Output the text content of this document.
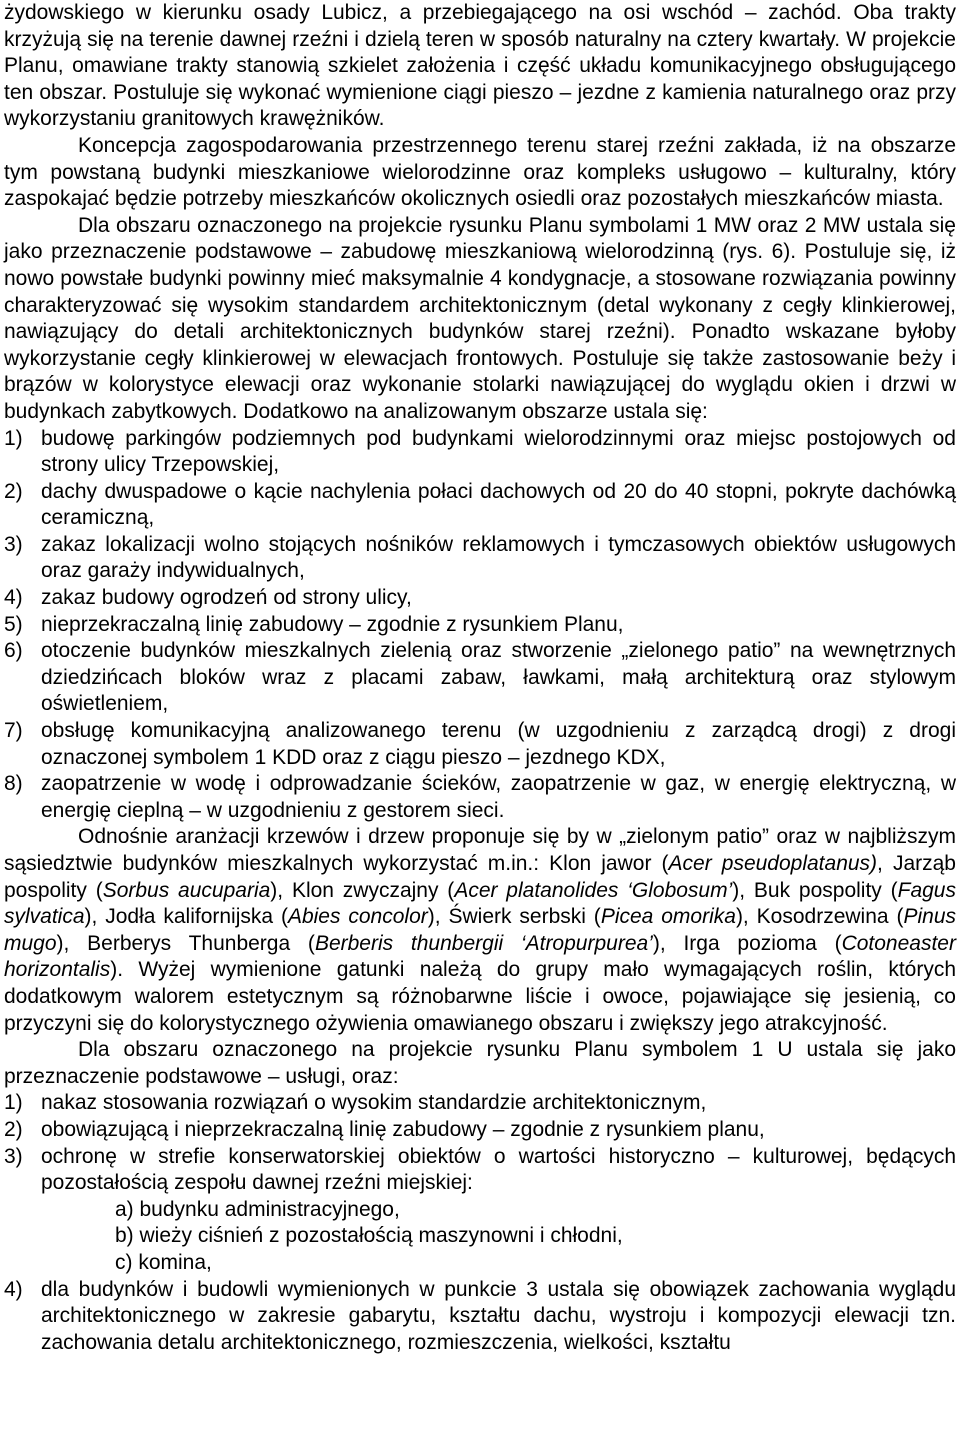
żydowskiego w kierunku osady Lubicz, a przebiegającego na osi wschód – zachód. Oba trakty krzyżują się na terenie dawnej rzeźni i dzielą teren w sposób naturalny na cztery kwartały. W projekcie Planu, omawiane trakty stanowią szkielet założenia i część układu komunikacyjnego obsługującego ten obszar. Postuluje się wykonać wymienione ciągi pieszo – jezdne z kamienia naturalnego oraz przy wykorzystaniu granitowych krawężników.

Koncepcja zagospodarowania przestrzennego terenu starej rzeźni zakłada, iż na obszarze tym powstaną budynki mieszkaniowe wielorodzinne oraz kompleks usługowo – kulturalny, który zaspokajać będzie potrzeby mieszkańców okolicznych osiedli oraz pozostałych mieszkańców miasta.

Dla obszaru oznaczonego na projekcie rysunku Planu symbolami 1 MW oraz 2 MW ustala się jako przeznaczenie podstawowe – zabudowę mieszkaniową wielorodzinną (rys. 6). Postuluje się, iż nowo powstałe budynki powinny mieć maksymalnie 4 kondygnacje, a stosowane rozwiązania powinny charakteryzować się wysokim standardem architektonicznym (detal wykonany z cegły klinkierowej, nawiązujący do detali architektonicznych budynków starej rzeźni). Ponadto wskazane byłoby wykorzystanie cegły klinkierowej w elewacjach frontowych. Postuluje się także zastosowanie beży i brązów w kolorystyce elewacji oraz wykonanie stolarki nawiązującej do wyglądu okien i drzwi w budynkach zabytkowych. Dodatkowo na analizowanym obszarze ustala się:

1) budowę parkingów podziemnych pod budynkami wielorodzinnymi oraz miejsc postojowych od strony ulicy Trzepowskiej,
2) dachy dwuspadowe o kącie nachylenia połaci dachowych od 20 do 40 stopni, pokryte dachówką ceramiczną,
3) zakaz lokalizacji wolno stojących nośników reklamowych i tymczasowych obiektów usługowych oraz garaży indywidualnych,
4) zakaz budowy ogrodzeń od strony ulicy,
5) nieprzekraczalną linię zabudowy – zgodnie z rysunkiem Planu,
6) otoczenie budynków mieszkalnych zielenią oraz stworzenie „zielonego patio” na wewnętrznych dziedzińcach bloków wraz z placami zabaw, ławkami, małą architekturą oraz stylowym oświetleniem,
7) obsługę komunikacyjną analizowanego terenu (w uzgodnieniu z zarządcą drogi) z drogi oznaczonej symbolem 1 KDD oraz z ciągu pieszo – jezdnego KDX,
8) zaopatrzenie w wodę i odprowadzanie ścieków, zaopatrzenie w gaz, w energię elektryczną, w energię cieplną – w uzgodnieniu z gestorem sieci.

Odnośnie aranżacji krzewów i drzew proponuje się by w „zielonym patio” oraz w najbliższym sąsiedztwie budynków mieszkalnych wykorzystać m.in.: Klon jawor (Acer pseudoplatanus), Jarząb pospolity (Sorbus aucuparia), Klon zwyczajny (Acer platanolides ‘Globosum’), Buk pospolity (Fagus sylvatica), Jodła kalifornijska (Abies concolor), Świerk serbski (Picea omorika), Kosodrzewina (Pinus mugo), Berberys Thunberga (Berberis thunbergii ‘Atropurpurea’), Irga pozioma (Cotoneaster horizontalis). Wyżej wymienione gatunki należą do grupy mało wymagających roślin, których dodatkowym walorem estetycznym są różnobarwne liście i owoce, pojawiające się jesienią, co przyczyni się do kolorystycznego ożywienia omawianego obszaru i zwiększy jego atrakcyjność.

Dla obszaru oznaczonego na projekcie rysunku Planu symbolem 1 U ustala się jako przeznaczenie podstawowe – usługi, oraz:

1) nakaz stosowania rozwiązań o wysokim standardzie architektonicznym,
2) obowiązującą i nieprzekraczalną linię zabudowy – zgodnie z rysunkiem planu,
3) ochronę w strefie konserwatorskiej obiektów o wartości historyczno – kulturowej, będących pozostałością zespołu dawnej rzeźni miejskiej:
a) budynku administracyjnego,
b) wieży ciśnień z pozostałością maszynowni i chłodni,
c) komina,
4) dla budynków i budowli wymienionych w punkcie 3 ustala się obowiązek zachowania wyglądu architektonicznego w zakresie gabarytu, kształtu dachu, wystroju i kompozycji elewacji tzn. zachowania detalu architektonicznego, rozmieszczenia, wielkości, kształtu
